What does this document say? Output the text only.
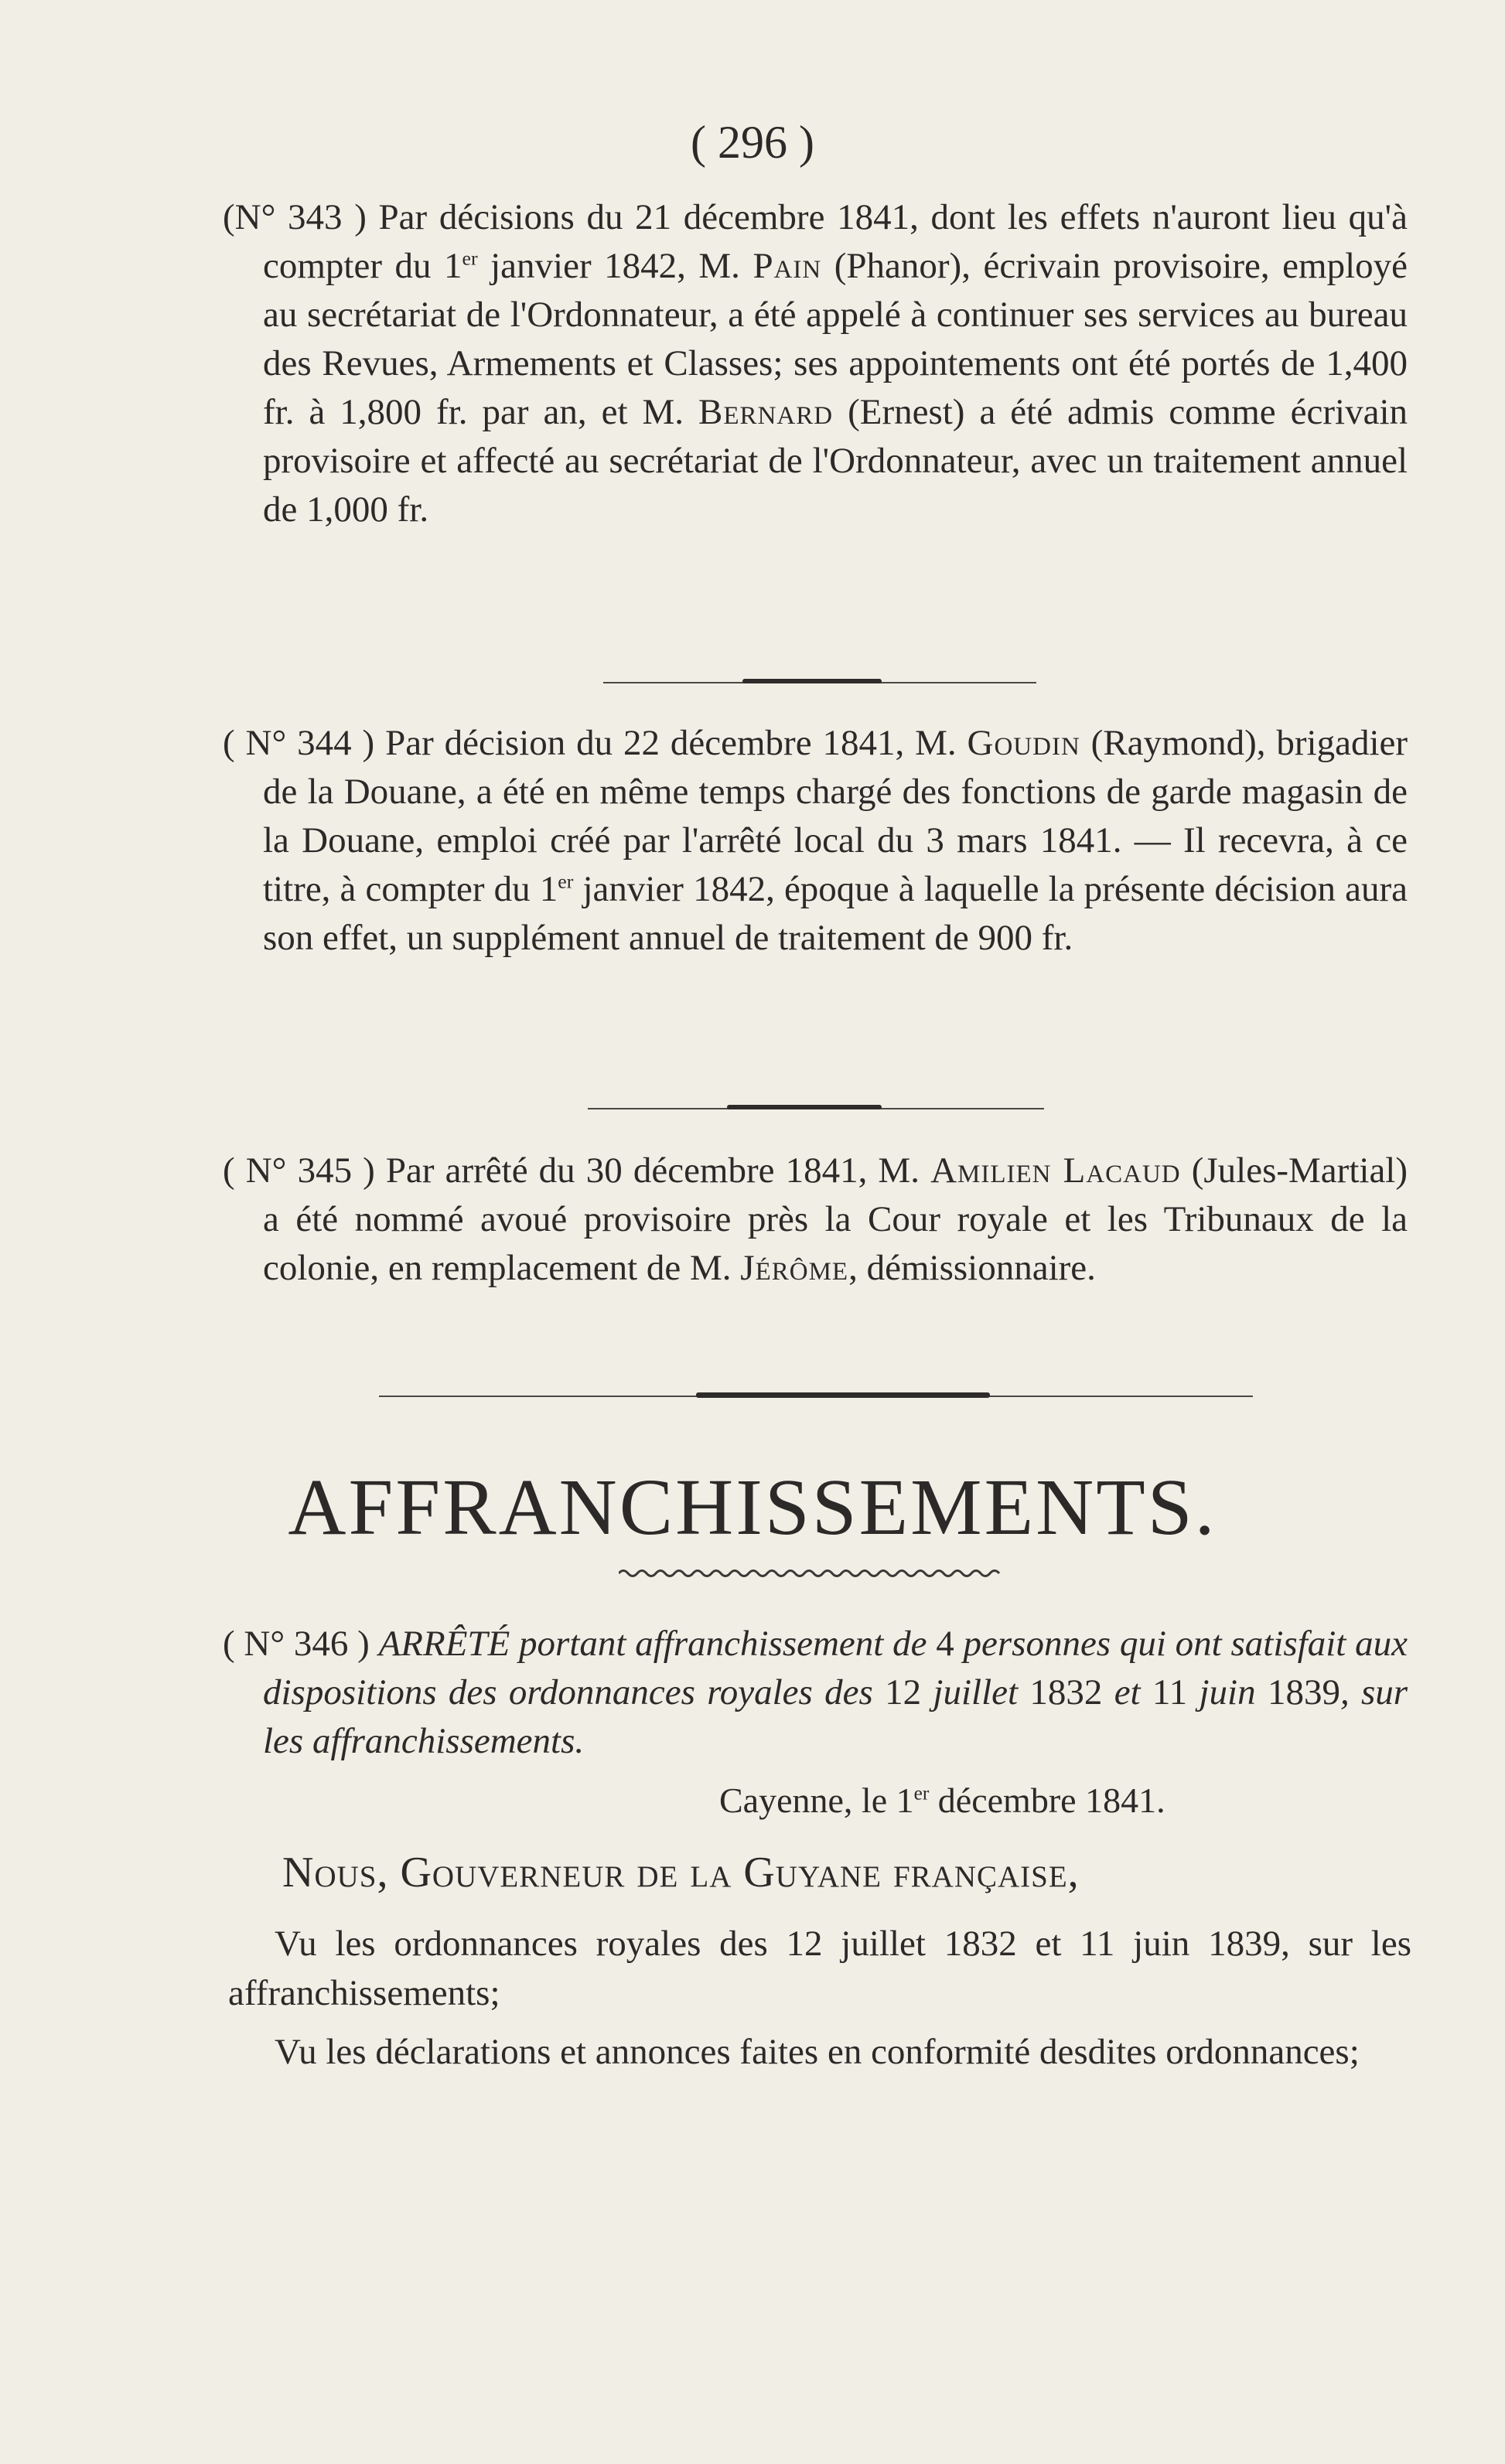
( 296 )
(N° 343 ) Par décisions du 21 décembre 1841, dont les effets n'auront lieu qu'à compter du 1er janvier 1842, M. Pain (Phanor), écrivain provisoire, employé au secrétariat de l'Ordonnateur, a été appelé à continuer ses services au bureau des Revues, Armements et Classes; ses appointements ont été portés de 1,400 fr. à 1,800 fr. par an, et M. Bernard (Ernest) a été admis comme écrivain provisoire et affecté au secrétariat de l'Ordonnateur, avec un traitement annuel de 1,000 fr.
( N° 344 ) Par décision du 22 décembre 1841, M. Goudin (Raymond), brigadier de la Douane, a été en même temps chargé des fonctions de garde magasin de la Douane, emploi créé par l'arrêté local du 3 mars 1841. — Il recevra, à ce titre, à compter du 1er janvier 1842, époque à laquelle la présente décision aura son effet, un supplément annuel de traitement de 900 fr.
( N° 345 ) Par arrêté du 30 décembre 1841, M. Amilien Lacaud (Jules-Martial) a été nommé avoué provisoire près la Cour royale et les Tribunaux de la colonie, en remplacement de M. Jérôme, démissionnaire.
AFFRANCHISSEMENTS.
( N° 346 ) ARRÊTÉ portant affranchissement de 4 personnes qui ont satisfait aux dispositions des ordonnances royales des 12 juillet 1832 et 11 juin 1839, sur les affranchissements.
Cayenne, le 1er décembre 1841.
Nous, Gouverneur de la Guyane française,
Vu les ordonnances royales des 12 juillet 1832 et 11 juin 1839, sur les affranchissements;
Vu les déclarations et annonces faites en conformité desdites ordonnances;
